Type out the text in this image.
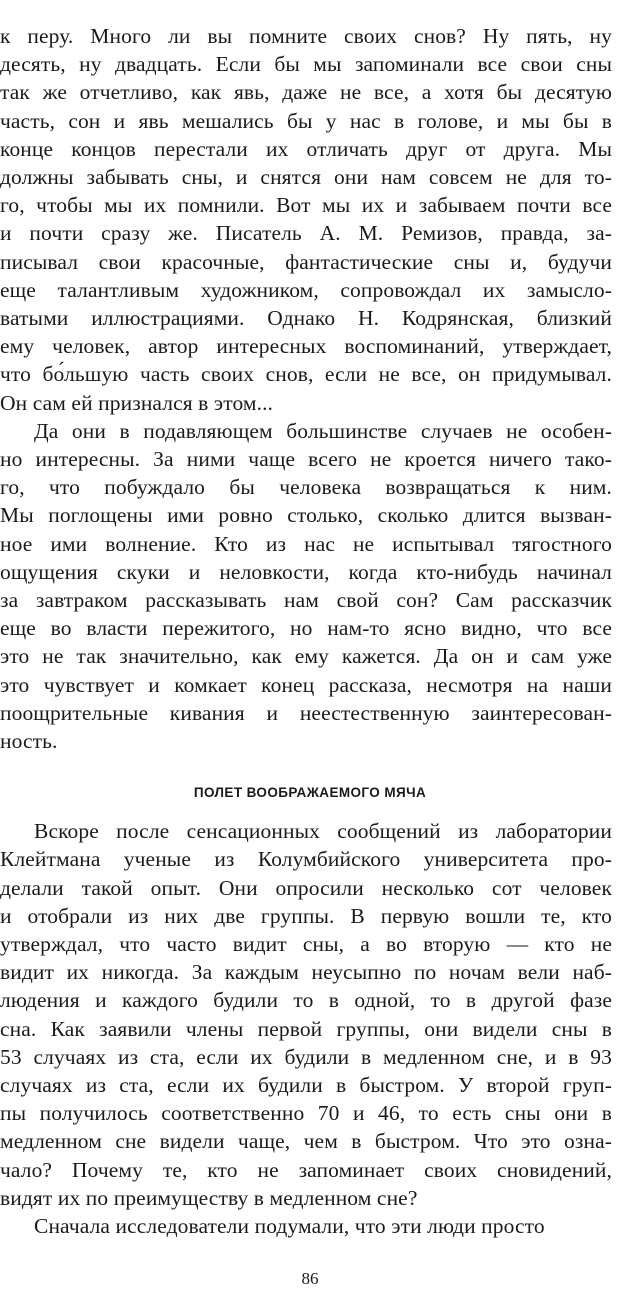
к перу. Много ли вы помните своих снов? Ну пять, ну
десять, ну двадцать. Если бы мы запоминали все свои сны
так же отчетливо, как явь, даже не все, а хотя бы десятую
часть, сон и явь мешались бы у нас в голове, и мы бы в
конце концов перестали их отличать друг от друга. Мы
должны забывать сны, и снятся они нам совсем не для то-
го, чтобы мы их помнили. Вот мы их и забываем почти все
и почти сразу же. Писатель А. М. Ремизов, правда, за-
писывал свои красочные, фантастические сны и, будучи
еще талантливым художником, сопровождал их замысло-
ватыми иллюстрациями. Однако Н. Кодрянская, близкий
ему человек, автор интересных воспоминаний, утверждает,
что бо́льшую часть своих снов, если не все, он придумывал.
Он сам ей признался в этом...
Да они в подавляющем большинстве случаев не особен-
но интересны. За ними чаще всего не кроется ничего тако-
го, что побуждало бы человека возвращаться к ним.
Мы поглощены ими ровно столько, сколько длится вызван-
ное ими волнение. Кто из нас не испытывал тягостного
ощущения скуки и неловкости, когда кто-нибудь начинал
за завтраком рассказывать нам свой сон? Сам рассказчик
еще во власти пережитого, но нам-то ясно видно, что все
это не так значительно, как ему кажется. Да он и сам уже
это чувствует и комкает конец рассказа, несмотря на наши
поощрительные кивания и неестественную заинтересован-
ность.
ПОЛЕТ ВООБРАЖАЕМОГО МЯЧА
Вскоре после сенсационных сообщений из лаборатории
Клейтмана ученые из Колумбийского университета про-
делали такой опыт. Они опросили несколько сот человек
и отобрали из них две группы. В первую вошли те, кто
утверждал, что часто видит сны, а во вторую — кто не
видит их никогда. За каждым неусыпно по ночам вели наб-
людения и каждого будили то в одной, то в другой фазе
сна. Как заявили члены первой группы, они видели сны в
53 случаях из ста, если их будили в медленном сне, и в 93
случаях из ста, если их будили в быстром. У второй груп-
пы получилось соответственно 70 и 46, то есть сны они в
медленном сне видели чаще, чем в быстром. Что это озна-
чало? Почему те, кто не запоминает своих сновидений,
видят их по преимуществу в медленном сне?
Сначала исследователи подумали, что эти люди просто
86
